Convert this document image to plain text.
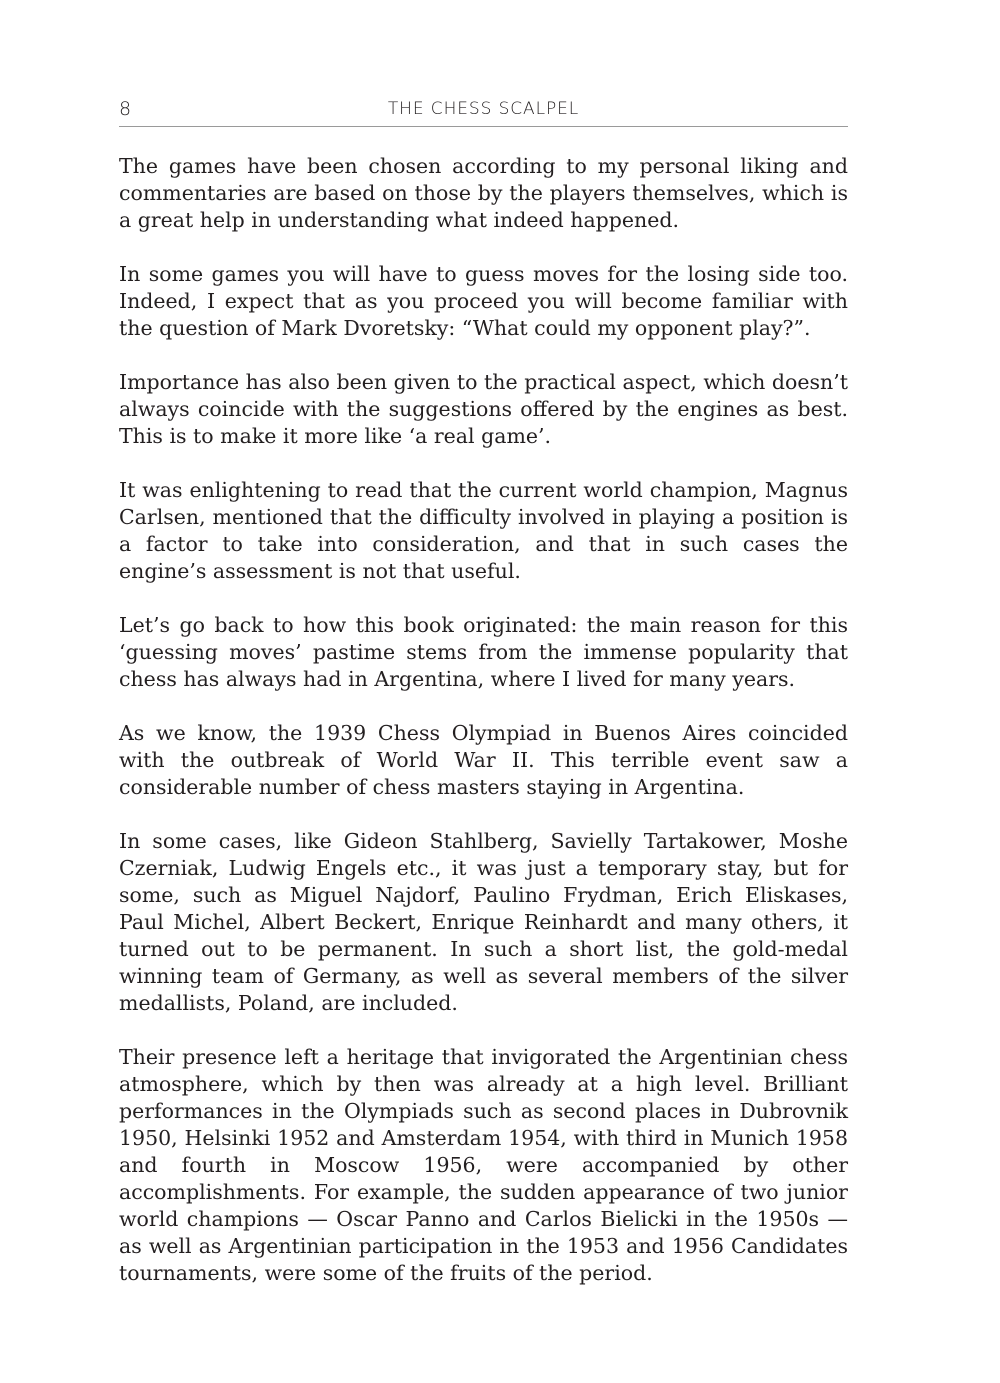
8	THE CHESS SCALPEL

The games have been chosen according to my personal liking and commentaries are based on those by the players themselves, which is a great help in understanding what indeed happened.

In some games you will have to guess moves for the losing side too. Indeed, I expect that as you proceed you will become familiar with the question of Mark Dvoretsky: “What could my opponent play?”.

Importance has also been given to the practical aspect, which doesn’t always coincide with the suggestions offered by the engines as best. This is to make it more like ‘a real game’.

It was enlightening to read that the current world champion, Magnus Carlsen, mentioned that the difficulty involved in playing a position is a factor to take into consideration, and that in such cases the engine’s assessment is not that useful.

Let’s go back to how this book originated: the main reason for this ‘guessing moves’ pastime stems from the immense popularity that chess has always had in Argentina, where I lived for many years.

As we know, the 1939 Chess Olympiad in Buenos Aires coincided with the outbreak of World War II. This terrible event saw a considerable number of chess masters staying in Argentina.

In some cases, like Gideon Stahlberg, Savielly Tartakower, Moshe Czerniak, Ludwig Engels etc., it was just a temporary stay, but for some, such as Miguel Najdorf, Paulino Frydman, Erich Eliskases, Paul Michel, Albert Beckert, Enrique Reinhardt and many others, it turned out to be permanent. In such a short list, the gold-medal winning team of Germany, as well as several members of the silver medallists, Poland, are included.

Their presence left a heritage that invigorated the Argentinian chess atmosphere, which by then was already at a high level. Brilliant performances in the Olympiads such as second places in Dubrovnik 1950, Helsinki 1952 and Amsterdam 1954, with third in Munich 1958 and fourth in Moscow 1956, were accompanied by other accomplishments. For example, the sudden appearance of two junior world champions — Oscar Panno and Carlos Bielicki in the 1950s — as well as Argentinian participation in the 1953 and 1956 Candidates tournaments, were some of the fruits of the period.
